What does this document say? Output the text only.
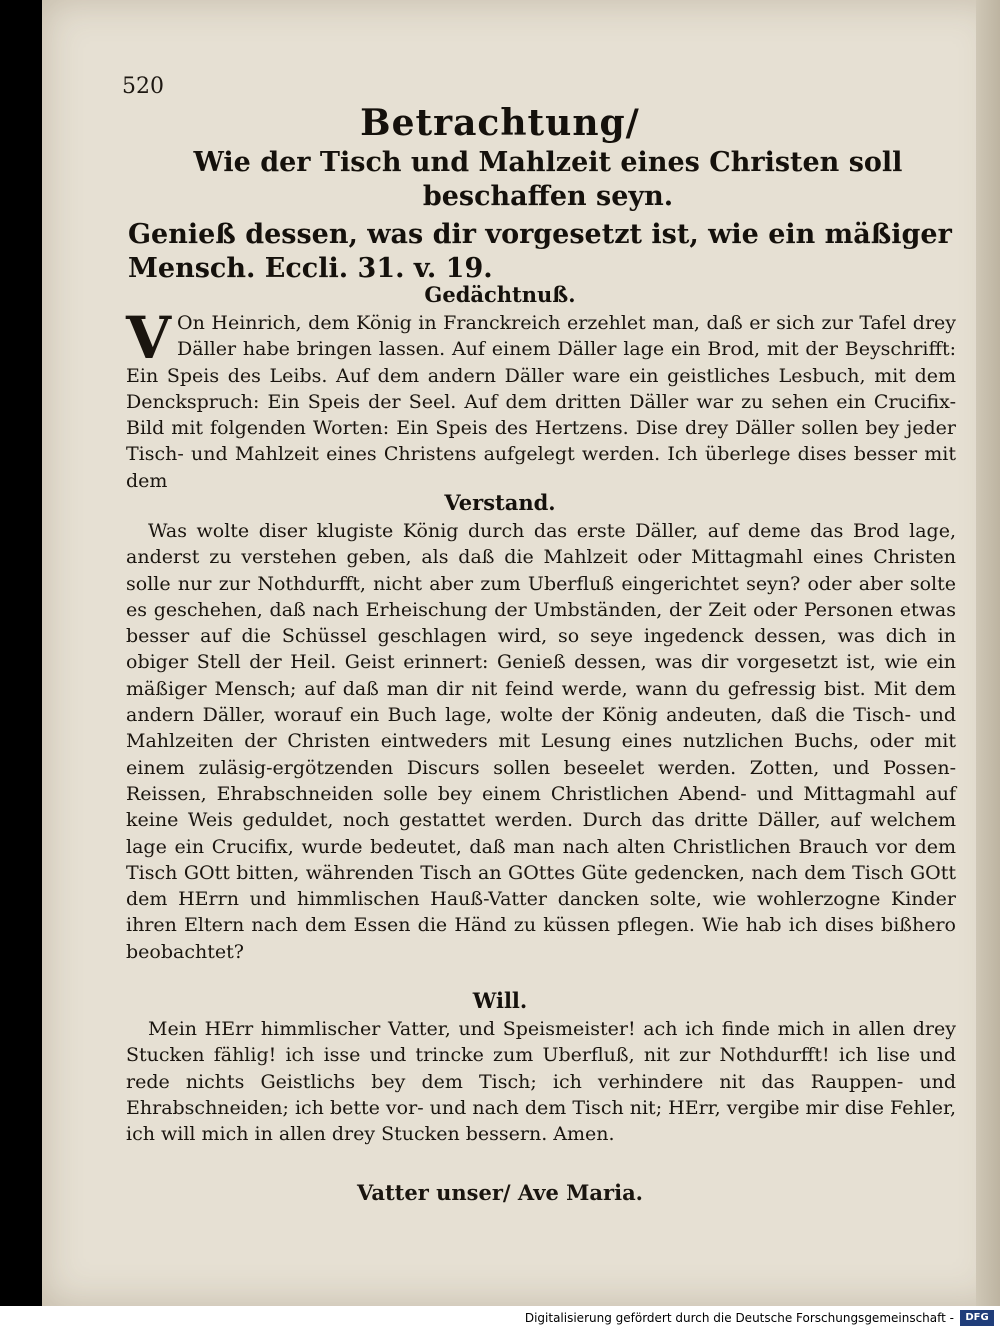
520
Betrachtung/
Wie der Tisch und Mahlzeit eines Christen soll beschaffen seyn.
Genieß dessen, was dir vorgesetzt ist, wie ein mäßiger Mensch. Eccli. 31. v. 19.
Gedächtnuß.
V On Heinrich, dem König in Franckreich erzehlet man, daß er sich zur Tafel drey Däller habe bringen lassen. Auf einem Däller lage ein Brod, mit der Beyschrifft: Ein Speis des Leibs. Auf dem andern Däller ware ein geistliches Lesbuch, mit dem Denckspruch: Ein Speis der Seel. Auf dem dritten Däller war zu sehen ein Crucifix-Bild mit folgenden Worten: Ein Speis des Hertzens. Dise drey Däller sollen bey jeder Tisch- und Mahlzeit eines Christens aufgelegt werden. Ich überlege dises besser mit dem
Verstand.
Was wolte diser klugiste König durch das erste Däller, auf deme das Brod lage, anderst zu verstehen geben, als daß die Mahlzeit oder Mittagmahl eines Christen solle nur zur Nothdurfft, nicht aber zum Uberfluß eingerichtet seyn? oder aber solte es geschehen, daß nach Erheischung der Umbständen, der Zeit oder Personen etwas besser auf die Schüssel geschlagen wird, so seye ingedenck dessen, was dich in obiger Stell der Heil. Geist erinnert: Genieß dessen, was dir vorgesetzt ist, wie ein mäßiger Mensch; auf daß man dir nit feind werde, wann du gefressig bist. Mit dem andern Däller, worauf ein Buch lage, wolte der König andeuten, daß die Tisch- und Mahlzeiten der Christen eintweders mit Lesung eines nutzlichen Buchs, oder mit einem zuläsig-ergötzenden Discurs sollen beseelet werden. Zotten, und Possen-Reissen, Ehrabschneiden solle bey einem Christlichen Abend- und Mittagmahl auf keine Weis geduldet, noch gestattet werden. Durch das dritte Däller, auf welchem lage ein Crucifix, wurde bedeutet, daß man nach alten Christlichen Brauch vor dem Tisch GOtt bitten, währenden Tisch an GOttes Güte gedencken, nach dem Tisch GOtt dem HErrn und himmlischen Hauß-Vatter dancken solte, wie wohlerzogne Kinder ihren Eltern nach dem Essen die Händ zu küssen pflegen. Wie hab ich dises bißhero beobachtet?
Will.
Mein HErr himmlischer Vatter, und Speismeister! ach ich finde mich in allen drey Stucken fählig! ich isse und trincke zum Uberfluß, nit zur Nothdurfft! ich lise und rede nichts Geistlichs bey dem Tisch; ich verhindere nit das Rauppen- und Ehrabschneiden; ich bette vor- und nach dem Tisch nit; HErr, vergibe mir dise Fehler, ich will mich in allen drey Stucken bessern. Amen.
Vatter unser/ Ave Maria.
Digitalisierung gefördert durch die Deutsche Forschungsgemeinschaft -	DFG
